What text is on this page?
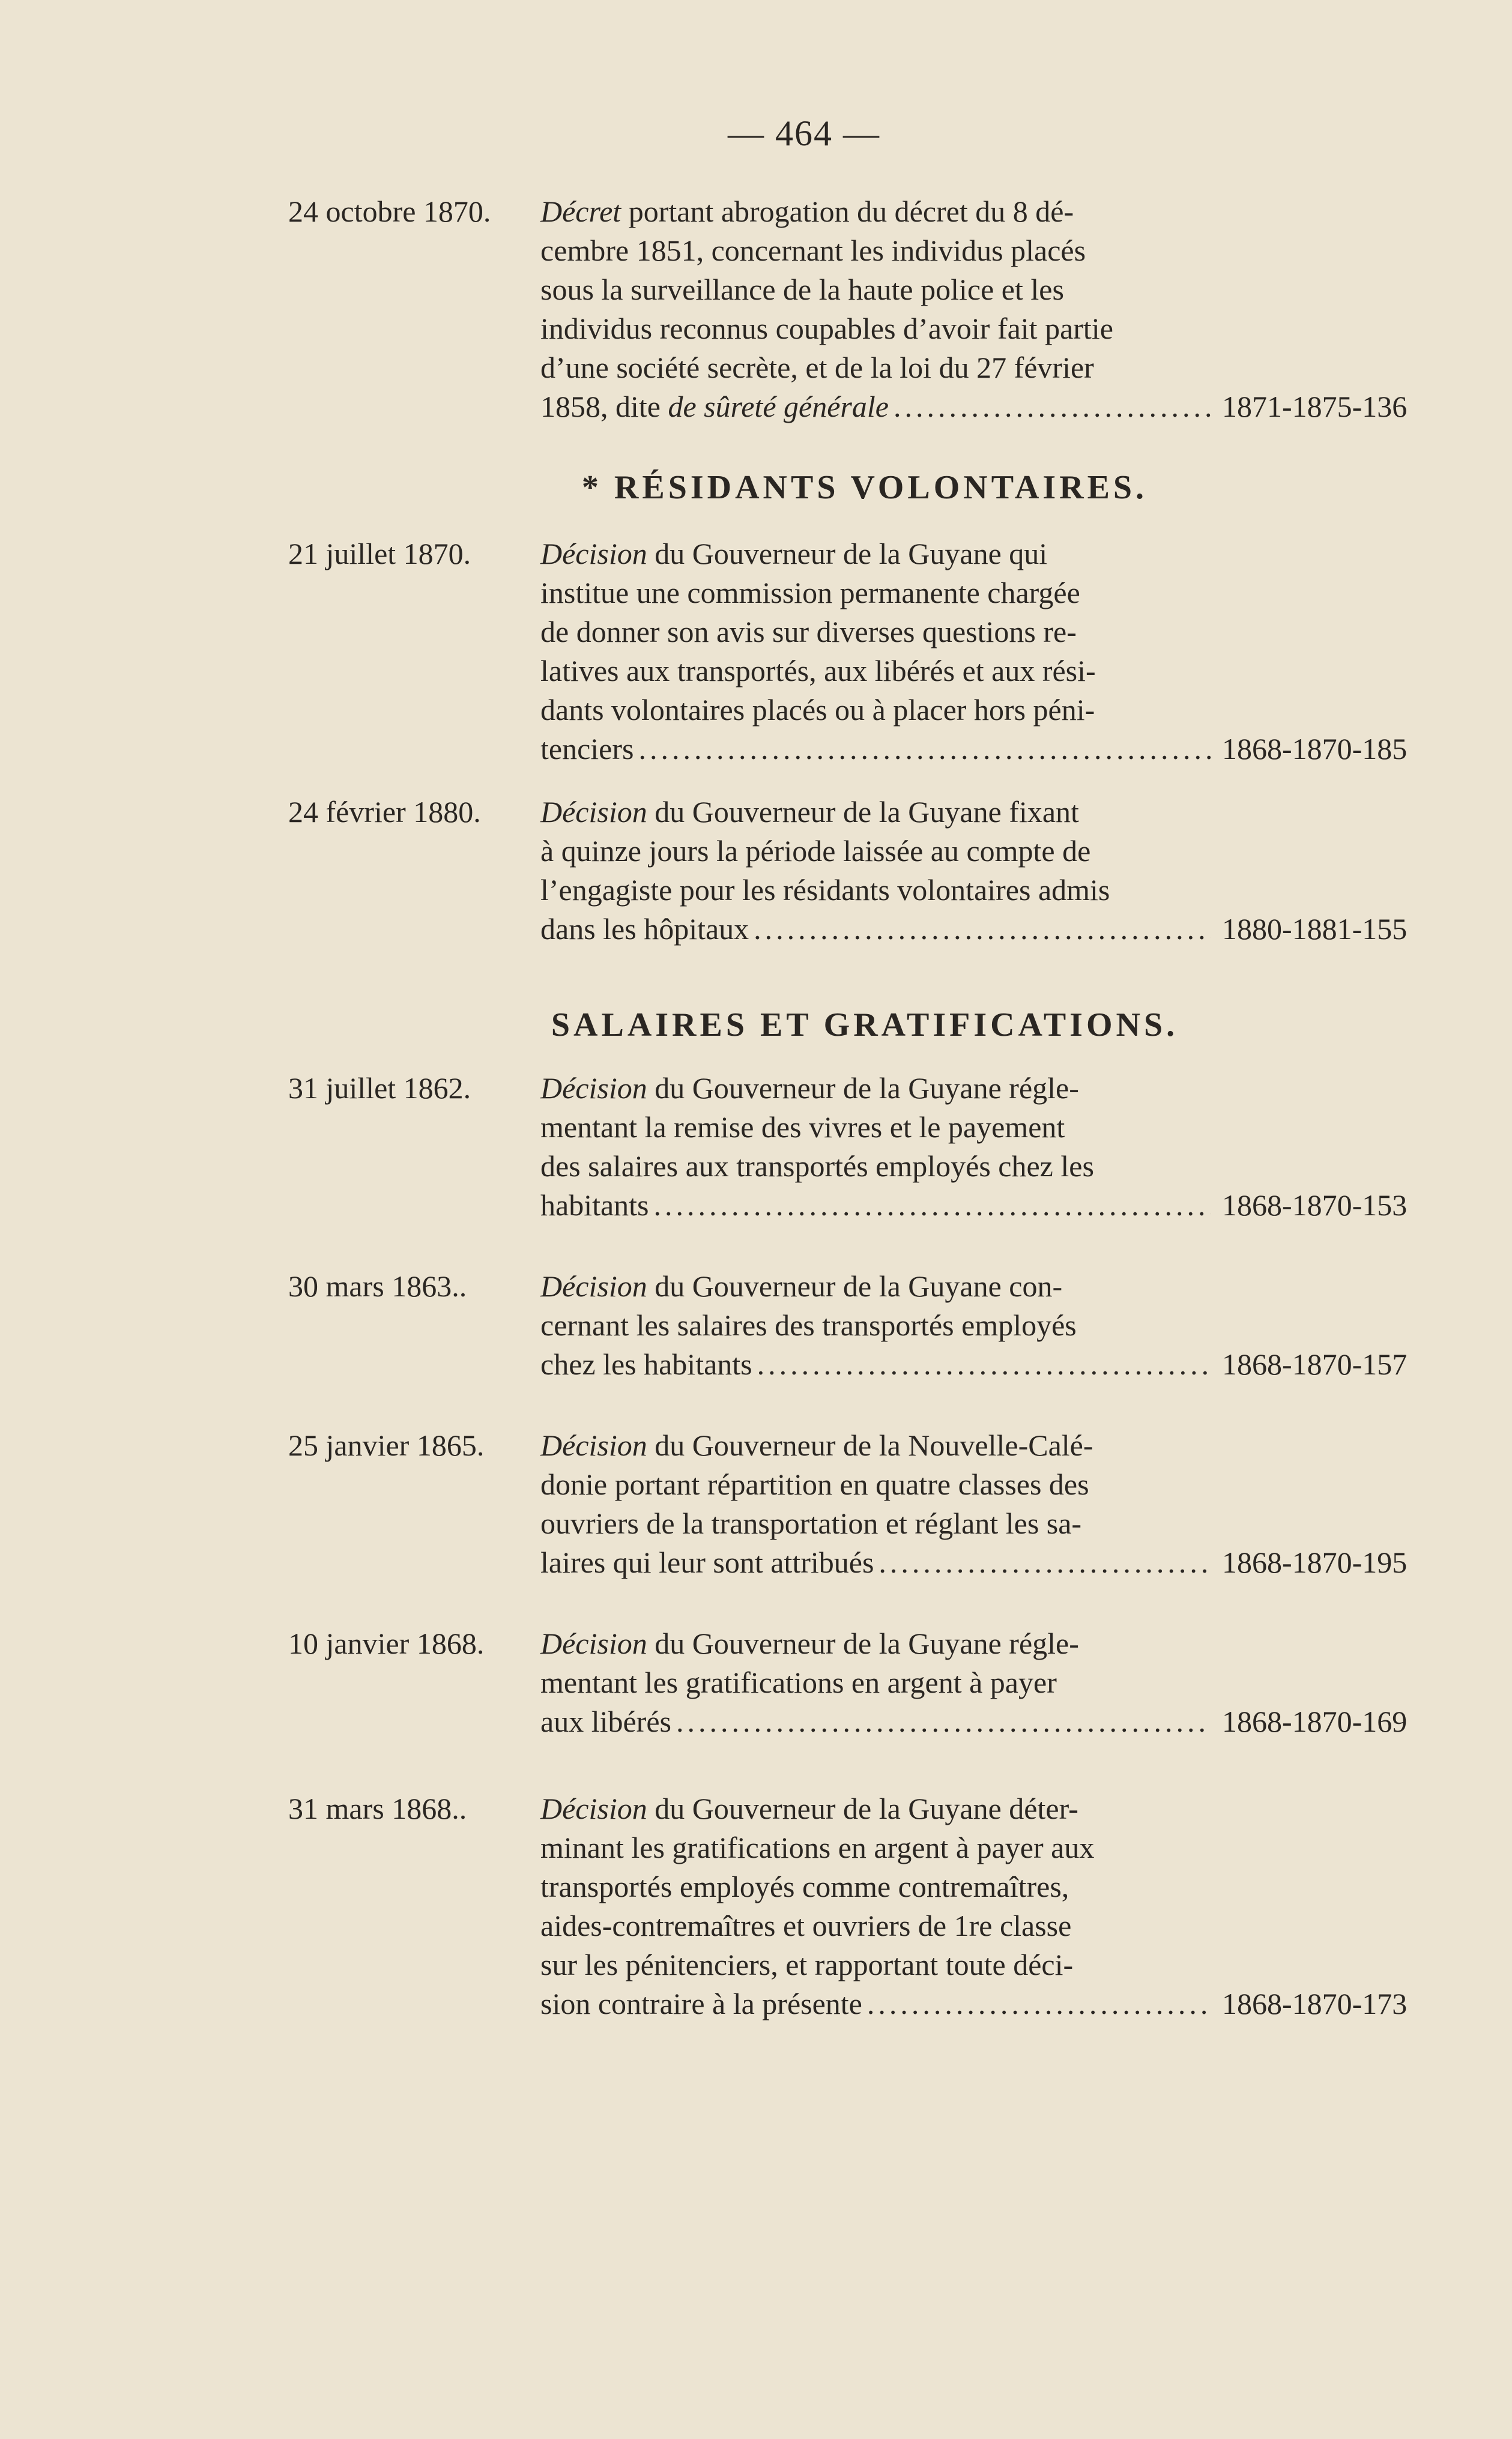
— 464 —
24 octobre 1870. Décret portant abrogation du décret du 8 dé-
cembre 1851, concernant les individus placés
sous la surveillance de la haute police et les
individus reconnus coupables d’avoir fait partie
d’une société secrète, et de la loi du 27 février
1858, dite
de sûreté générale .....	1871-1875-136
* RÉSIDANTS VOLONTAIRES.
21 juillet 1870. Décision du Gouverneur de la Guyane qui
institue une commission permanente chargée
de donner son avis sur diverses questions re-
latives aux transportés, aux libérés et aux rési-
dants volontaires placés ou à placer hors péni-
tenciers .....	1868-1870-185
24 février 1880. Décision du Gouverneur de la Guyane fixant
à quinze jours la période laissée au compte de
l’engagiste pour les résidants volontaires admis
dans les hôpitaux .....	1880-1881-155
SALAIRES ET GRATIFICATIONS.
31 juillet 1862. Décision du Gouverneur de la Guyane régle-
mentant la remise des vivres et le payement
des salaires aux transportés employés chez les
habitants .....	1868-1870-153
30 mars 1863.. Décision du Gouverneur de la Guyane con-
cernant les salaires des transportés employés
chez les habitants .....	1868-1870-157
25 janvier 1865. Décision du Gouverneur de la Nouvelle-Calé-
donie portant répartition en quatre classes des
ouvriers de la transportation et réglant les sa-
laires qui leur sont attribués .....	1868-1870-195
10 janvier 1868. Décision du Gouverneur de la Guyane régle-
mentant les gratifications en argent à payer
aux libérés .....	1868-1870-169
31 mars 1868.. Décision du Gouverneur de la Guyane déter-
minant les gratifications en argent à payer aux
transportés employés comme contremaîtres,
aides-contremaîtres et ouvriers de 1re classe
sur les pénitenciers, et rapportant toute déci-
sion contraire à la présente .....	1868-1870-173
